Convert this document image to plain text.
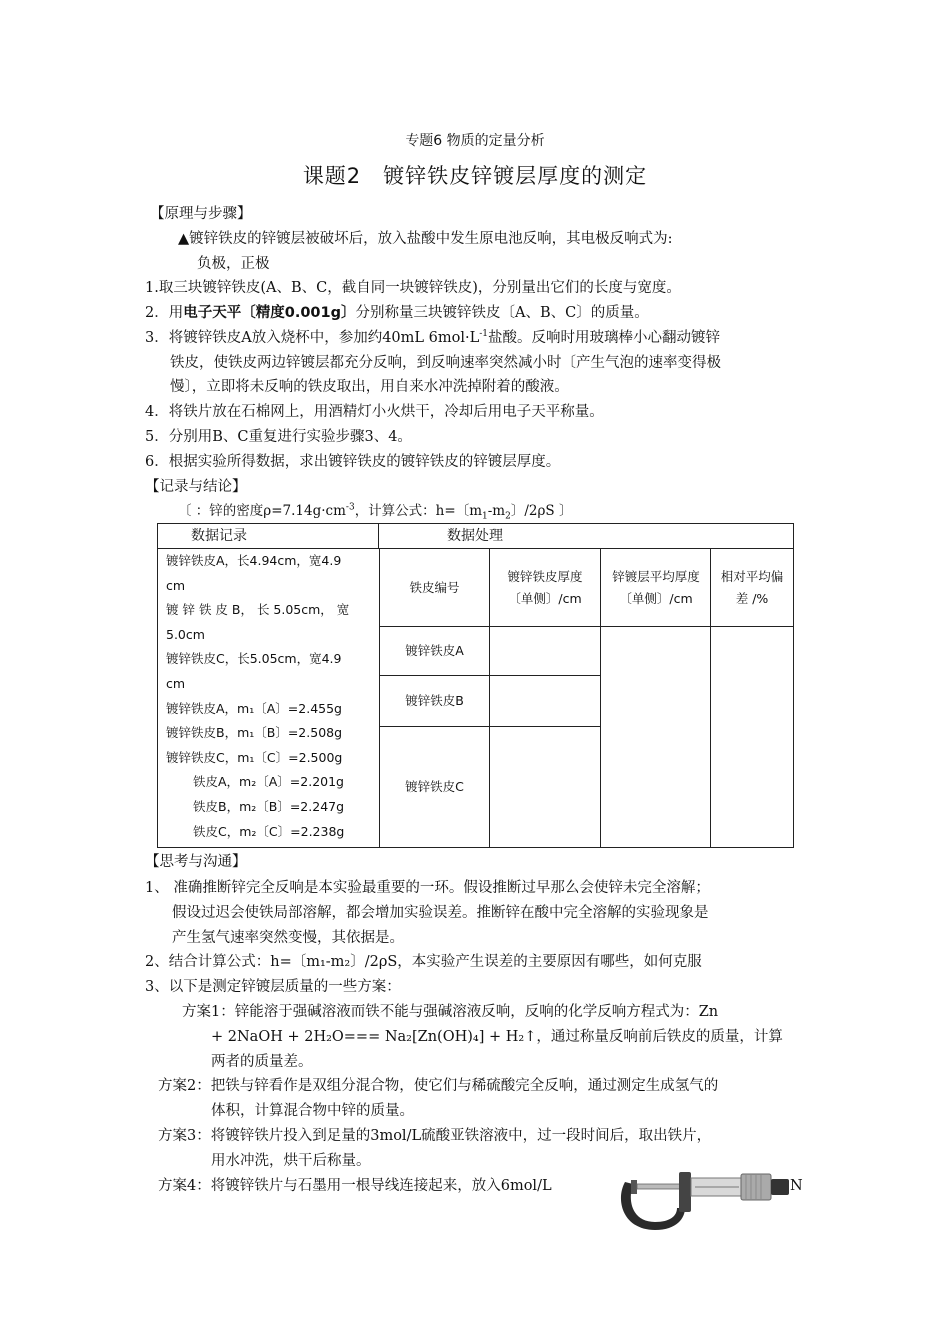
专题6 物质的定量分析
课题2　镀锌铁皮锌镀层厚度的测定
【原理与步骤】
▲镀锌铁皮的锌镀层被破坏后，放入盐酸中发生原电池反响，其电极反响式为:
负极，正极
1.取三块镀锌铁皮(A、B、C，截自同一块镀锌铁皮)，分别量出它们的长度与宽度。
2．用电子天平〔精度0.001g〕分别称量三块镀锌铁皮〔A、B、C〕的质量。
3．将镀锌铁皮A放入烧杯中，参加约40mL $6mol\cdot L^{-1}$盐酸。反响时用玻璃棒小心翻动镀锌
铁皮，使铁皮两边锌镀层都充分反响，到反响速率突然减小时〔产生气泡的速率变得极
慢〕，立即将未反响的铁皮取出，用自来水冲洗掉附着的酸液。
4．将铁片放在石棉网上，用酒精灯小火烘干，冷却后用电子天平称量。
5．分别用B、C重复进行实验步骤3、4。
6．根据实验所得数据，求出镀锌铁皮的镀锌铁皮的锌镀层厚度。
【记录与结论】
〔 ：锌的密度$\rho=7.14g\cdot cm^{-3}$，计算公式：h=〔$m_1-m_2$〕/2ρS 〕
数据记录	数据处理
铁皮编号
镀锌铁皮厚度〔单侧〕/cm
锌镀层平均厚度〔单侧〕/cm
相对平均偏差 /%
镀锌铁皮A
镀锌铁皮B
镀锌铁皮C
镀锌铁皮A，长4.94cm，宽4.9
cm
镀 锌 铁 皮 B， 长 5.05cm， 宽
5.0cm
镀锌铁皮C，长5.05cm，宽4.9
cm
镀锌铁皮A，m₁〔A〕=2.455g
镀锌铁皮B，m₁〔B〕=2.508g
镀锌铁皮C，m₁〔C〕=2.500g
铁皮A，m₂〔A〕=2.201g
铁皮B，m₂〔B〕=2.247g
铁皮C，m₂〔C〕=2.238g
【思考与沟通】
1、 准确推断锌完全反响是本实验最重要的一环。假设推断过早那么会使锌未完全溶解；
假设过迟会使铁局部溶解，都会增加实验误差。推断锌在酸中完全溶解的实验现象是
产生氢气速率突然变慢，其依据是。
2、结合计算公式：h=〔m₁-m₂〕/2ρS，本实验产生误差的主要原因有哪些，如何克服
3、以下是测定锌镀层质量的一些方案：
方案1：锌能溶于强碱溶液而铁不能与强碱溶液反响，反响的化学反响方程式为：Zn
+ 2NaOH + 2H₂O=== Na₂[Zn(OH)₄] + H₂↑，通过称量反响前后铁皮的质量，计算
两者的质量差。
方案2：把铁与锌看作是双组分混合物，使它们与稀硫酸完全反响，通过测定生成氢气的
体积，计算混合物中锌的质量。
方案3：将镀锌铁片投入到足量的3mol/L硫酸亚铁溶液中，过一段时间后，取出铁片，
用水冲洗，烘干后称量。
方案4：将镀锌铁片与石墨用一根导线连接起来，放入6mol/L	N
